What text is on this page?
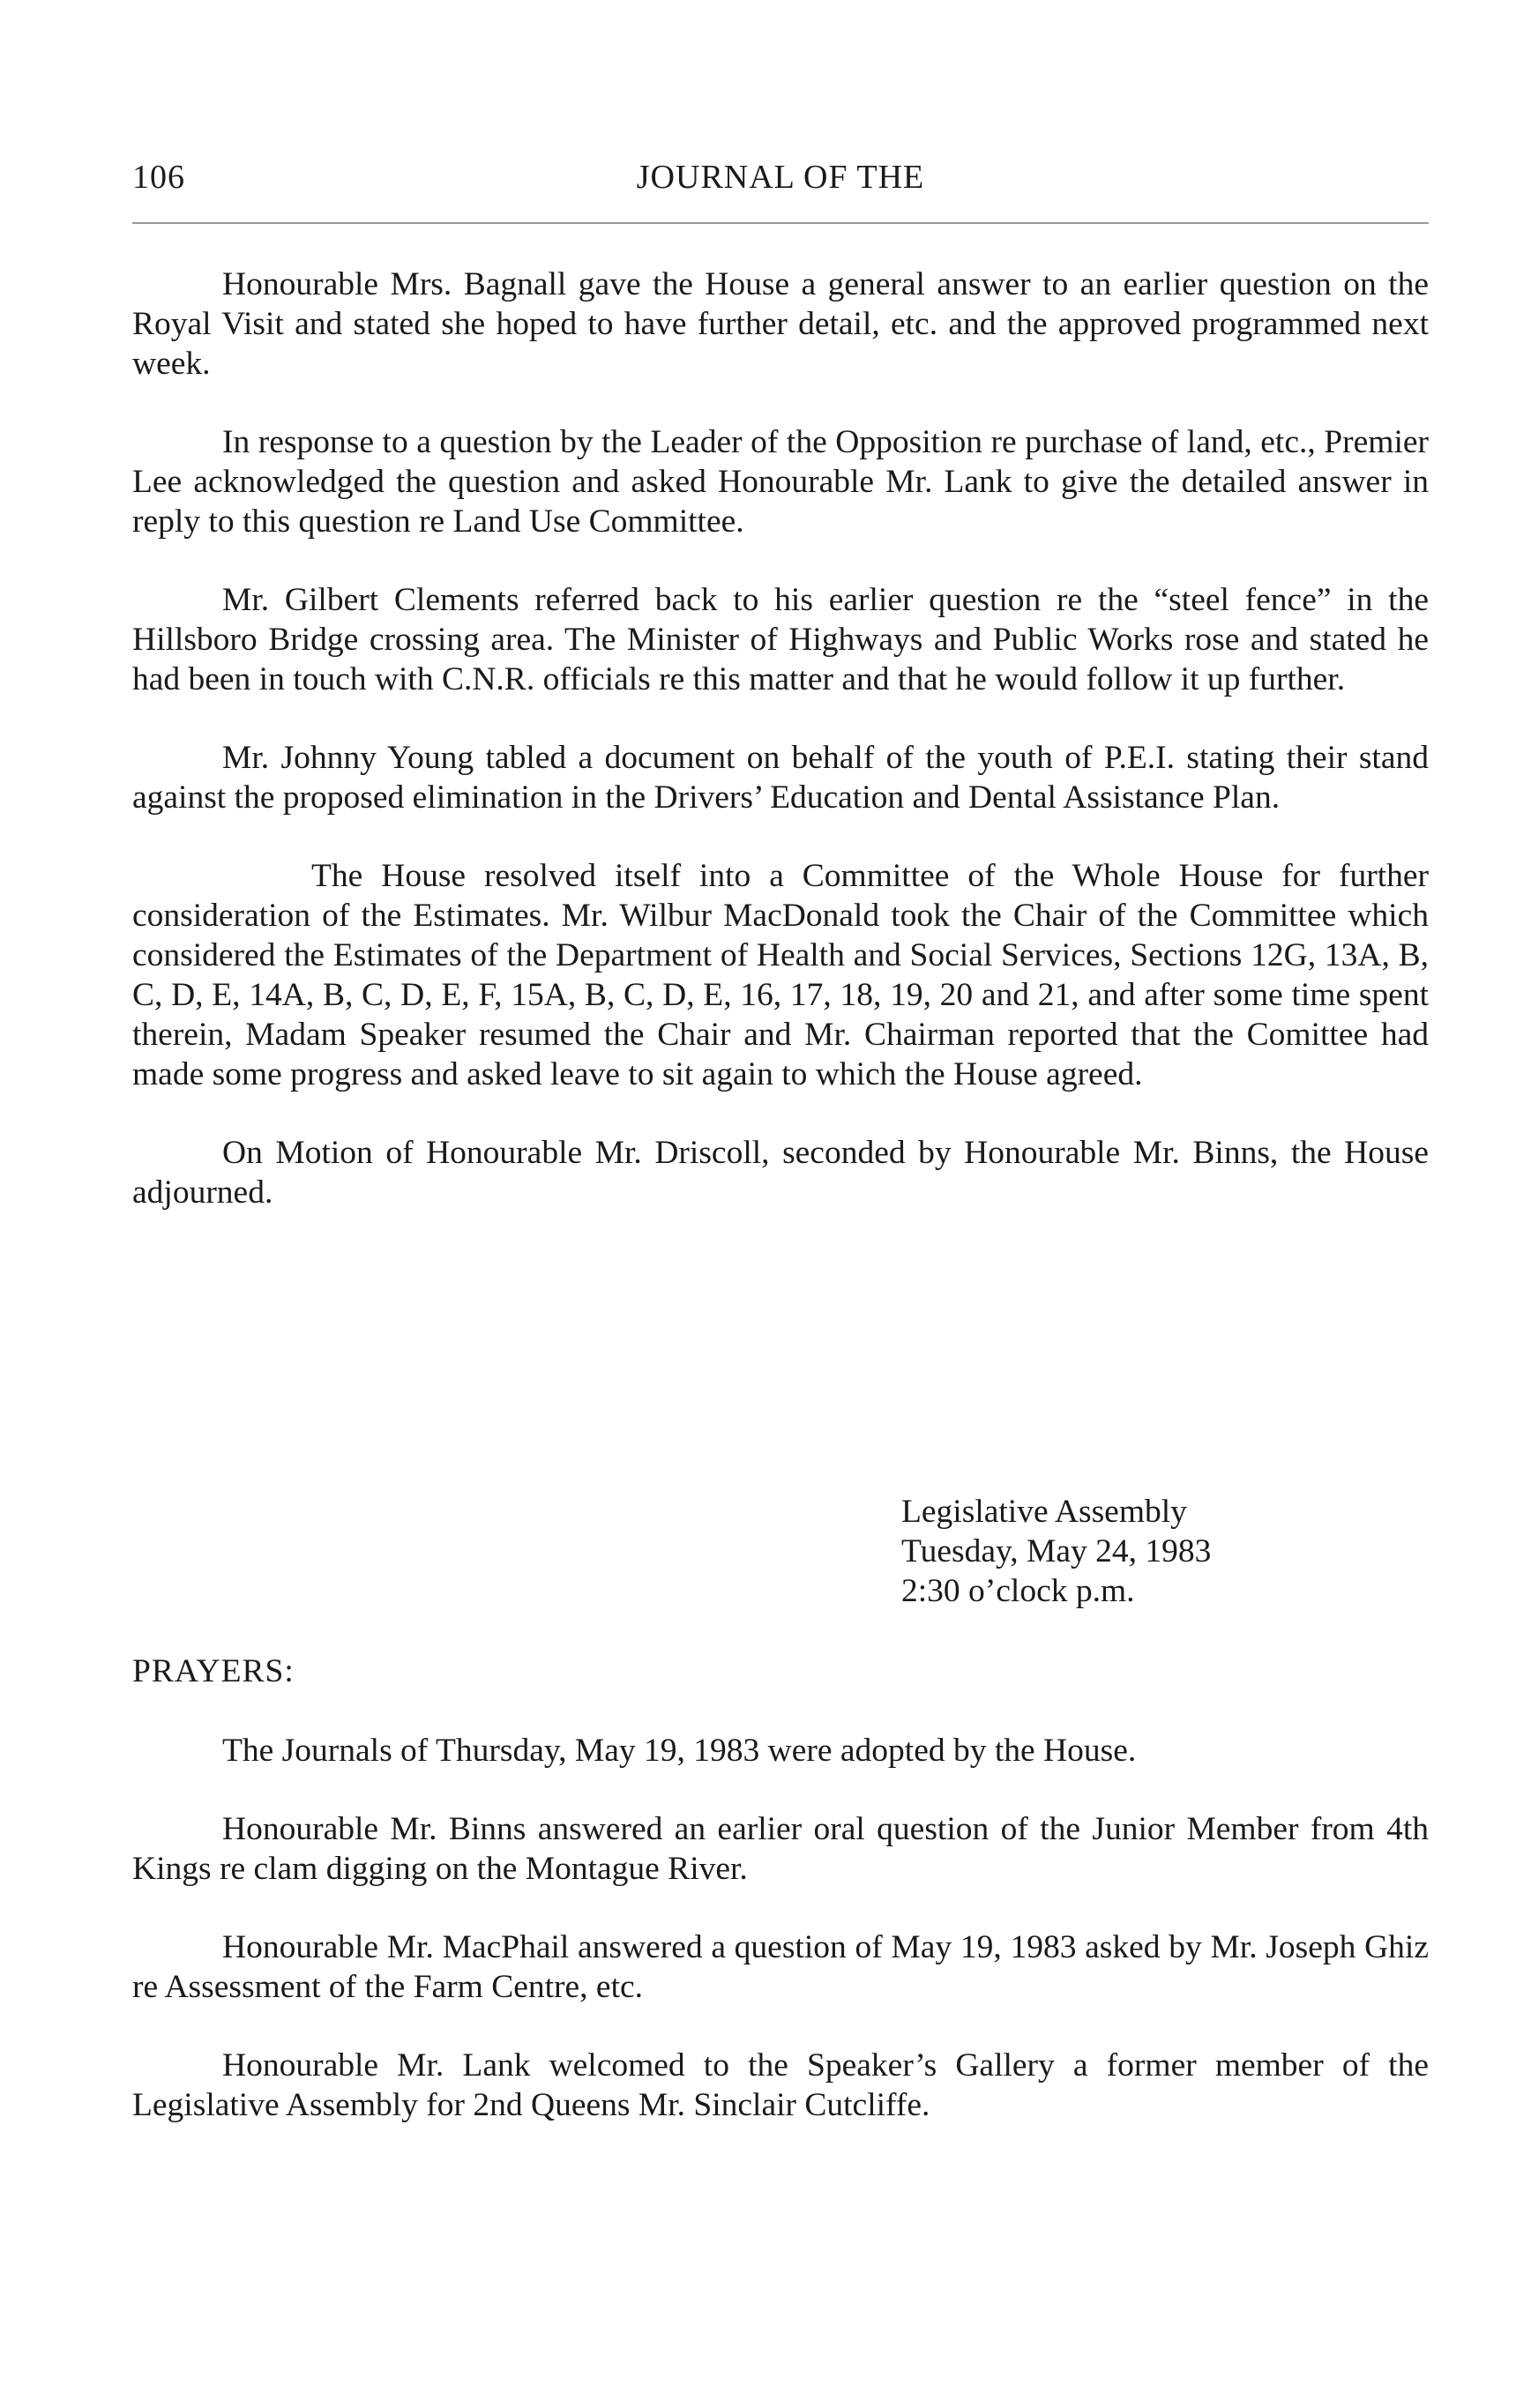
106	JOURNAL OF THE

Honourable Mrs. Bagnall gave the House a general answer to an earlier question on the Royal Visit and stated she hoped to have further detail, etc. and the approved programmed next week.

In response to a question by the Leader of the Opposition re purchase of land, etc., Premier Lee acknowledged the question and asked Honourable Mr. Lank to give the detailed answer in reply to this question re Land Use Committee.

Mr. Gilbert Clements referred back to his earlier question re the “steel fence” in the Hillsboro Bridge crossing area. The Minister of Highways and Public Works rose and stated he had been in touch with C.N.R. officials re this matter and that he would follow it up further.

Mr. Johnny Young tabled a document on behalf of the youth of P.E.I. stating their stand against the proposed elimination in the Drivers’ Education and Dental Assistance Plan.

The House resolved itself into a Committee of the Whole House for further consideration of the Estimates. Mr. Wilbur MacDonald took the Chair of the Committee which considered the Estimates of the Department of Health and Social Services, Sections 12G, 13A, B, C, D, E, 14A, B, C, D, E, F, 15A, B, C, D, E, 16, 17, 18, 19, 20 and 21, and after some time spent therein, Madam Speaker resumed the Chair and Mr. Chairman reported that the Comittee had made some progress and asked leave to sit again to which the House agreed.

On Motion of Honourable Mr. Driscoll, seconded by Honourable Mr. Binns, the House adjourned.

Legislative Assembly
Tuesday, May 24, 1983
2:30 o’clock p.m.
PRAYERS:

The Journals of Thursday, May 19, 1983 were adopted by the House.

Honourable Mr. Binns answered an earlier oral question of the Junior Member from 4th Kings re clam digging on the Montague River.

Honourable Mr. MacPhail answered a question of May 19, 1983 asked by Mr. Joseph Ghiz re Assessment of the Farm Centre, etc.

Honourable Mr. Lank welcomed to the Speaker’s Gallery a former member of the Legislative Assembly for 2nd Queens Mr. Sinclair Cutcliffe.
